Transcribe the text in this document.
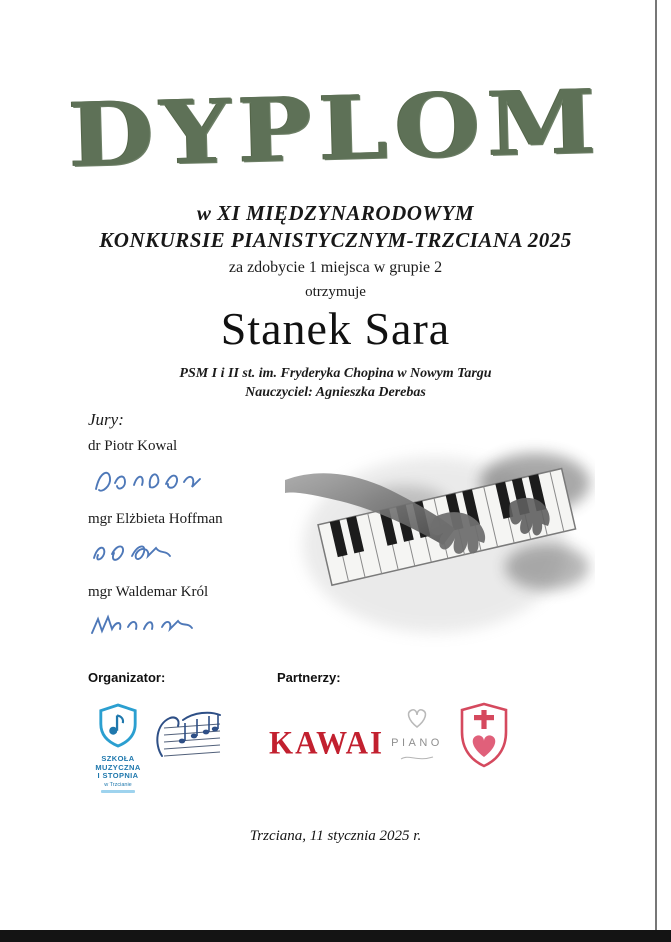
DYPLOM
w XI MIĘDZYNARODOWYM
KONKURSIE PIANISTYCZNYM-TRZCIANA 2025
za zdobycie 1 miejsca w grupie 2
otrzymuje
Stanek Sara
PSM I i II st. im. Fryderyka Chopina w Nowym Targu
Nauczyciel: Agnieszka Derebas

Jury:

dr Piotr Kowal

mgr Elżbieta Hoffman

mgr Waldemar Król

Organizator:	Partnerzy:
SZKOŁA
MUZYCZNA
I STOPNIA
w Trzcianie
KAWAI PIANO
Trzciana, 11 stycznia 2025 r.
